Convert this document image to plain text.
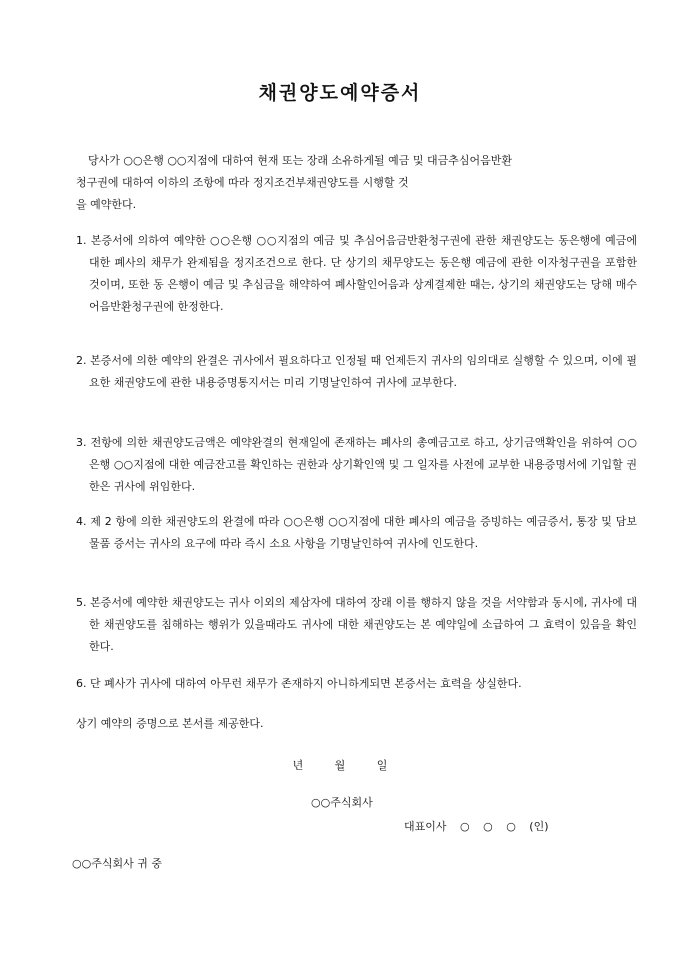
채권양도예약증서
당사가 ○○은행 ○○지점에 대하여 현재 또는 장래 소유하게될 예금 및 대금추심어음반환
청구권에 대하여 이하의 조항에 따라 정지조건부채권양도를 시행할 것
을 예약한다.
1. 본증서에 의하여 예약한 ○○은행 ○○지점의 예금 및 추심어음금반환청구권에 관한 채권양도는 동은행에 예금에 대한 폐사의 채무가 완제됨을 정지조건으로 한다. 단 상기의 채무양도는 동은행 예금에 관한 이자청구권을 포함한 것이며, 또한 동 은행이 예금 및 추심금을 해약하여 폐사할인어음과 상계결제한 때는, 상기의 채권양도는 당해 매수어음반환청구권에 한정한다.
2. 본증서에 의한 예약의 완결은 귀사에서 필요하다고 인정될 때 언제든지 귀사의 임의대로 실행할 수 있으며, 이에 필요한 채권양도에 관한 내용증명통지서는 미리 기명날인하여 귀사에 교부한다.
3. 전항에 의한 채권양도금액은 예약완결의 현재일에 존재하는 폐사의 총예금고로 하고, 상기금액확인을 위하여 ○○은행 ○○지점에 대한 예금잔고를 확인하는 권한과 상기확인액 및 그 일자를 사전에 교부한 내용증명서에 기입할 권한은 귀사에 위임한다.
4. 제 2 항에 의한 채권양도의 완결에 따라 ○○은행 ○○지점에 대한 폐사의 예금을 증빙하는 예금증서, 통장 및 담보물품 증서는 귀사의 요구에 따라 즉시 소요 사항을 기명날인하여 귀사에 인도한다.
5. 본증서에 예약한 채권양도는 귀사 이외의 제삼자에 대하여 장래 이를 행하지 않을 것을 서약함과 동시에, 귀사에 대한 채권양도를 침해하는 행위가 있을때라도 귀사에 대한 채권양도는 본 예약일에 소급하여 그 효력이 있음을 확인한다.
6. 단 폐사가 귀사에 대하여 아무런 채무가 존재하지 아니하게되면 본증서는 효력을 상실한다.
상기 예약의 증명으로 본서를 제공한다.
년 월 일
○○주식회사
대표이사 ○ ○ ○ (인)
○○주식회사 귀 중
